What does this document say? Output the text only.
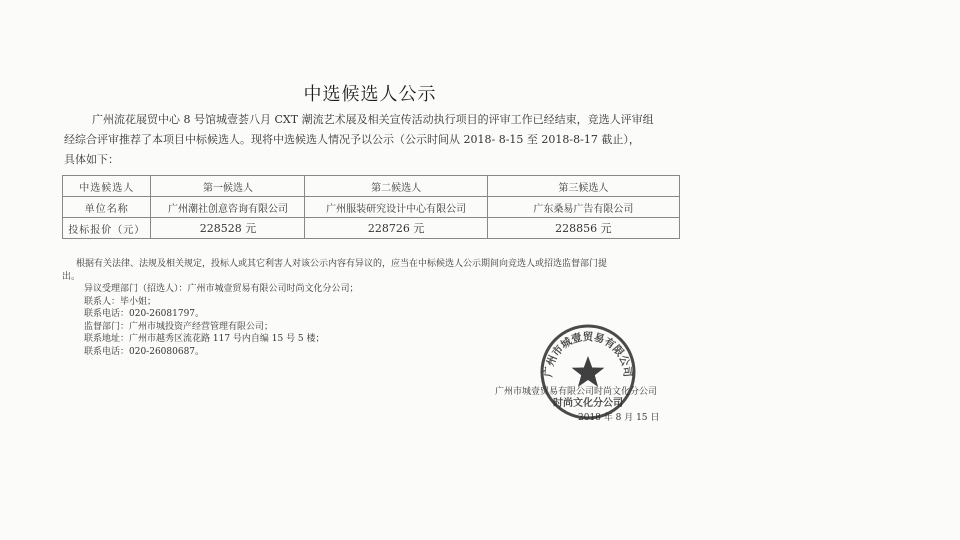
中选候选人公示
广州流花展贸中心 8 号馆城壹荟八月 CXT 潮流艺术展及相关宣传活动执行项目的评审工作已经结束，竞选人评审组
经综合评审推荐了本项目中标候选人。现将中选候选人情况予以公示（公示时间从 2018- 8-15 至 2018-8-17 截止），
具体如下：
中选候选人	第一候选人	第二候选人	第三候选人
单位名称	广州潮社创意咨询有限公司	广州服装研究设计中心有限公司	广东桑易广告有限公司
投标报价（元）	228528 元	228726 元	228856 元
根据有关法律、法规及相关规定，投标人或其它利害人对该公示内容有异议的，应当在中标候选人公示期间向竞选人或招选监督部门提
出。
异议受理部门（招选人）：广州市城壹贸易有限公司时尚文化分公司；
联系人：毕小姐；
联系电话：020-26081797。
监督部门：广州市城投资产经营管理有限公司；
联系地址：广州市越秀区流花路 117 号内自编 15 号 5 楼；
联系电话：020-26080687。
广州市城壹贸易有限公司时尚文化分公司
2018 年 8 月 15 日
广州市城壹贸易有限公司
时尚文化分公司
